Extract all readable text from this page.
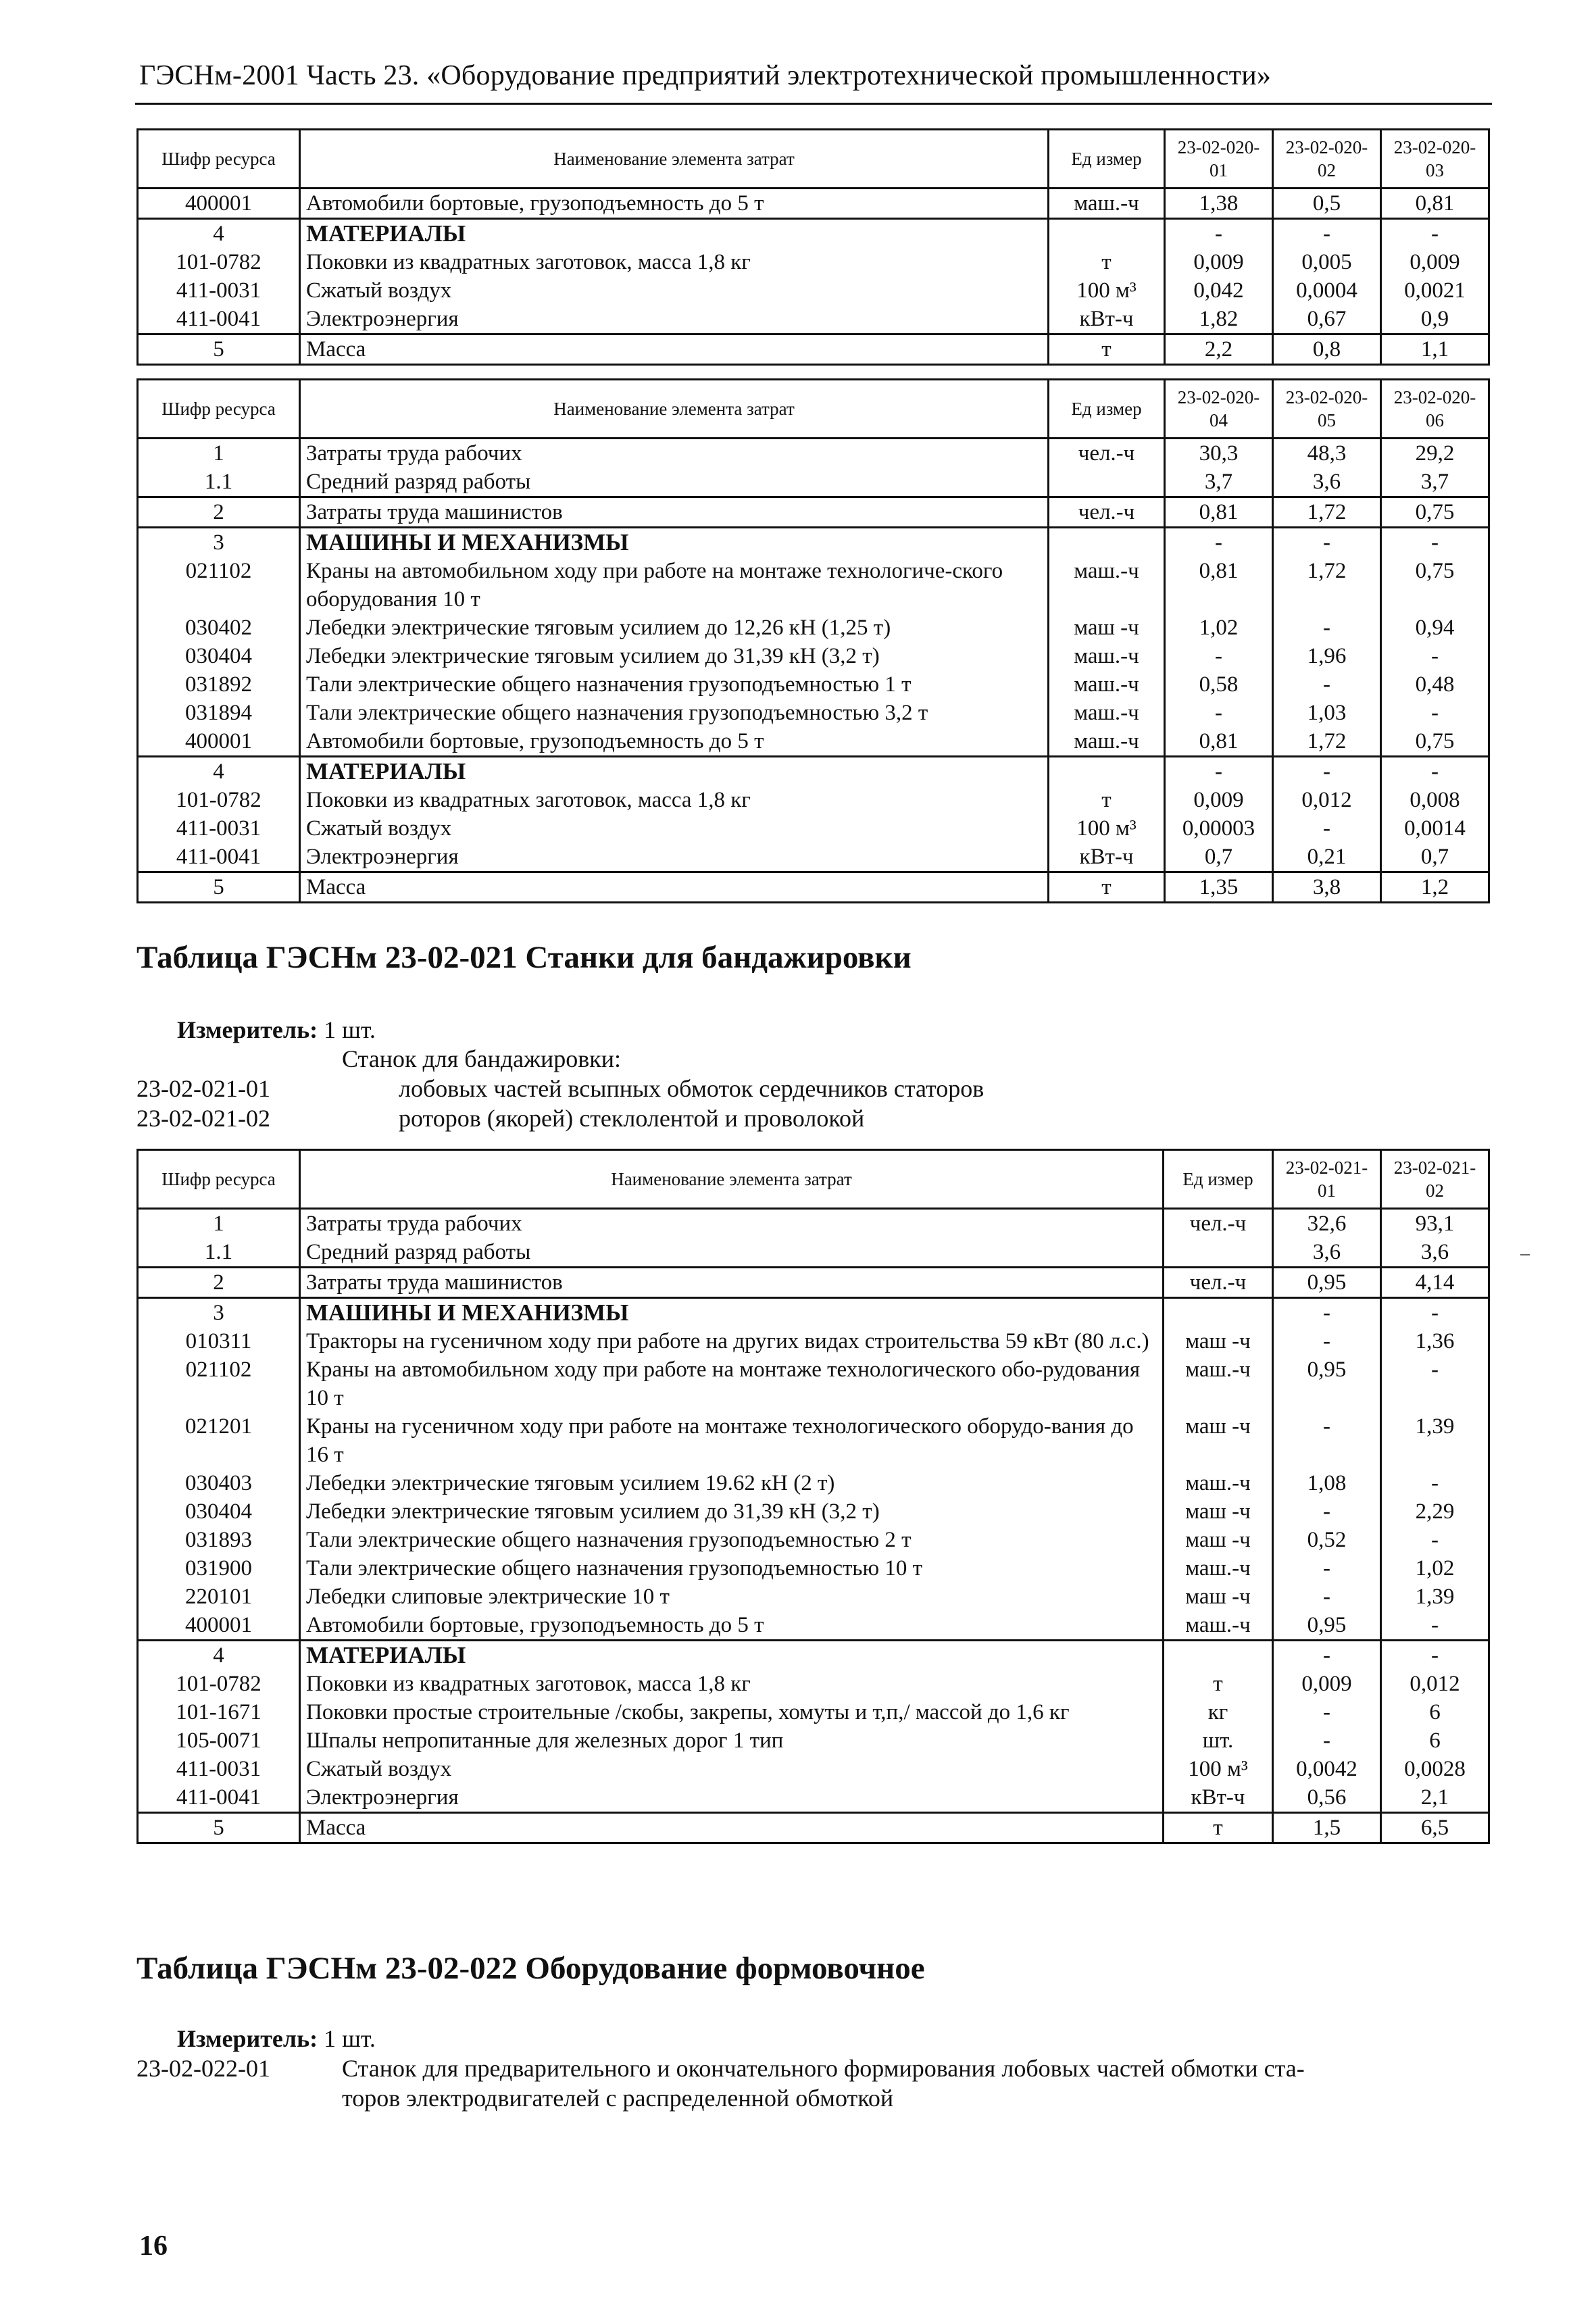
ГЭСНм-2001 Часть 23. «Оборудование предприятий электротехнической промышленности»
Шифр ресурса	Наименование элемента затрат	Ед измер	23-02-020-01	23-02-020-02	23-02-020-03
400001	Автомобили бортовые, грузоподъемность до 5 т	маш.-ч	1,38	0,5	0,81
4	МАТЕРИАЛЫ		-	-	-
101-0782	Поковки из квадратных заготовок, масса 1,8 кг	т	0,009	0,005	0,009
411-0031	Сжатый воздух	100 м³	0,042	0,0004	0,0021
411-0041	Электроэнергия	кВт-ч	1,82	0,67	0,9
5	Масса	т	2,2	0,8	1,1
Шифр ресурса	Наименование элемента затрат	Ед измер	23-02-020-04	23-02-020-05	23-02-020-06
1	Затраты труда рабочих	чел.-ч	30,3	48,3	29,2
1.1	Средний разряд работы		3,7	3,6	3,7
2	Затраты труда машинистов	чел.-ч	0,81	1,72	0,75
3	МАШИНЫ И МЕХАНИЗМЫ		-	-	-
021102	Краны на автомобильном ходу при работе на монтаже технологиче-ского оборудования 10 т	маш.-ч	0,81	1,72	0,75
030402	Лебедки электрические тяговым усилием до 12,26 кН (1,25 т)	маш -ч	1,02	-	0,94
030404	Лебедки электрические тяговым усилием до 31,39 кН (3,2 т)	маш.-ч	-	1,96	-
031892	Тали электрические общего назначения грузоподъемностью 1 т	маш.-ч	0,58	-	0,48
031894	Тали электрические общего назначения грузоподъемностью 3,2 т	маш.-ч	-	1,03	-
400001	Автомобили бортовые, грузоподъемность до 5 т	маш.-ч	0,81	1,72	0,75
4	МАТЕРИАЛЫ		-	-	-
101-0782	Поковки из квадратных заготовок, масса 1,8 кг	т	0,009	0,012	0,008
411-0031	Сжатый воздух	100 м³	0,00003	-	0,0014
411-0041	Электроэнергия	кВт-ч	0,7	0,21	0,7
5	Масса	т	1,35	3,8	1,2
Таблица ГЭСНм 23-02-021 Станки для бандажировки
Измеритель: 1 шт.
Станок для бандажировки:
23-02-021-01	лобовых частей всыпных обмоток сердечников статоров
23-02-021-02	роторов (якорей) стеклолентой и проволокой
Шифр ресурса	Наименование элемента затрат	Ед измер	23-02-021-01	23-02-021-02
1	Затраты труда рабочих	чел.-ч	32,6	93,1
1.1	Средний разряд работы		3,6	3,6
2	Затраты труда машинистов	чел.-ч	0,95	4,14
3	МАШИНЫ И МЕХАНИЗМЫ		-	-
010311	Тракторы на гусеничном ходу при работе на других видах строительства 59 кВт (80 л.с.)	маш -ч	-	1,36
021102	Краны на автомобильном ходу при работе на монтаже технологического обо-рудования 10 т	маш.-ч	0,95	-
021201	Краны на гусеничном ходу при работе на монтаже технологического оборудо-вания до 16 т	маш -ч	-	1,39
030403	Лебедки электрические тяговым усилием 19.62 кН (2 т)	маш.-ч	1,08	-
030404	Лебедки электрические тяговым усилием до 31,39 кН (3,2 т)	маш -ч	-	2,29
031893	Тали электрические общего назначения грузоподъемностью 2 т	маш -ч	0,52	-
031900	Тали электрические общего назначения грузоподъемностью 10 т	маш.-ч	-	1,02
220101	Лебедки слиповые электрические 10 т	маш -ч	-	1,39
400001	Автомобили бортовые, грузоподъемность до 5 т	маш.-ч	0,95	-
4	МАТЕРИАЛЫ		-	-
101-0782	Поковки из квадратных заготовок, масса 1,8 кг	т	0,009	0,012
101-1671	Поковки простые строительные /скобы, закрепы, хомуты и т,п,/ массой до 1,6 кг	кг	-	6
105-0071	Шпалы непропитанные для железных дорог 1 тип	шт.	-	6
411-0031	Сжатый воздух	100 м³	0,0042	0,0028
411-0041	Электроэнергия	кВт-ч	0,56	2,1
5	Масса	т	1,5	6,5
Таблица ГЭСНм 23-02-022 Оборудование формовочное
Измеритель: 1 шт.
23-02-022-01	Станок для предварительного и окончательного формирования лобовых частей обмотки ста-
торов электродвигателей с распределенной обмоткой
16
